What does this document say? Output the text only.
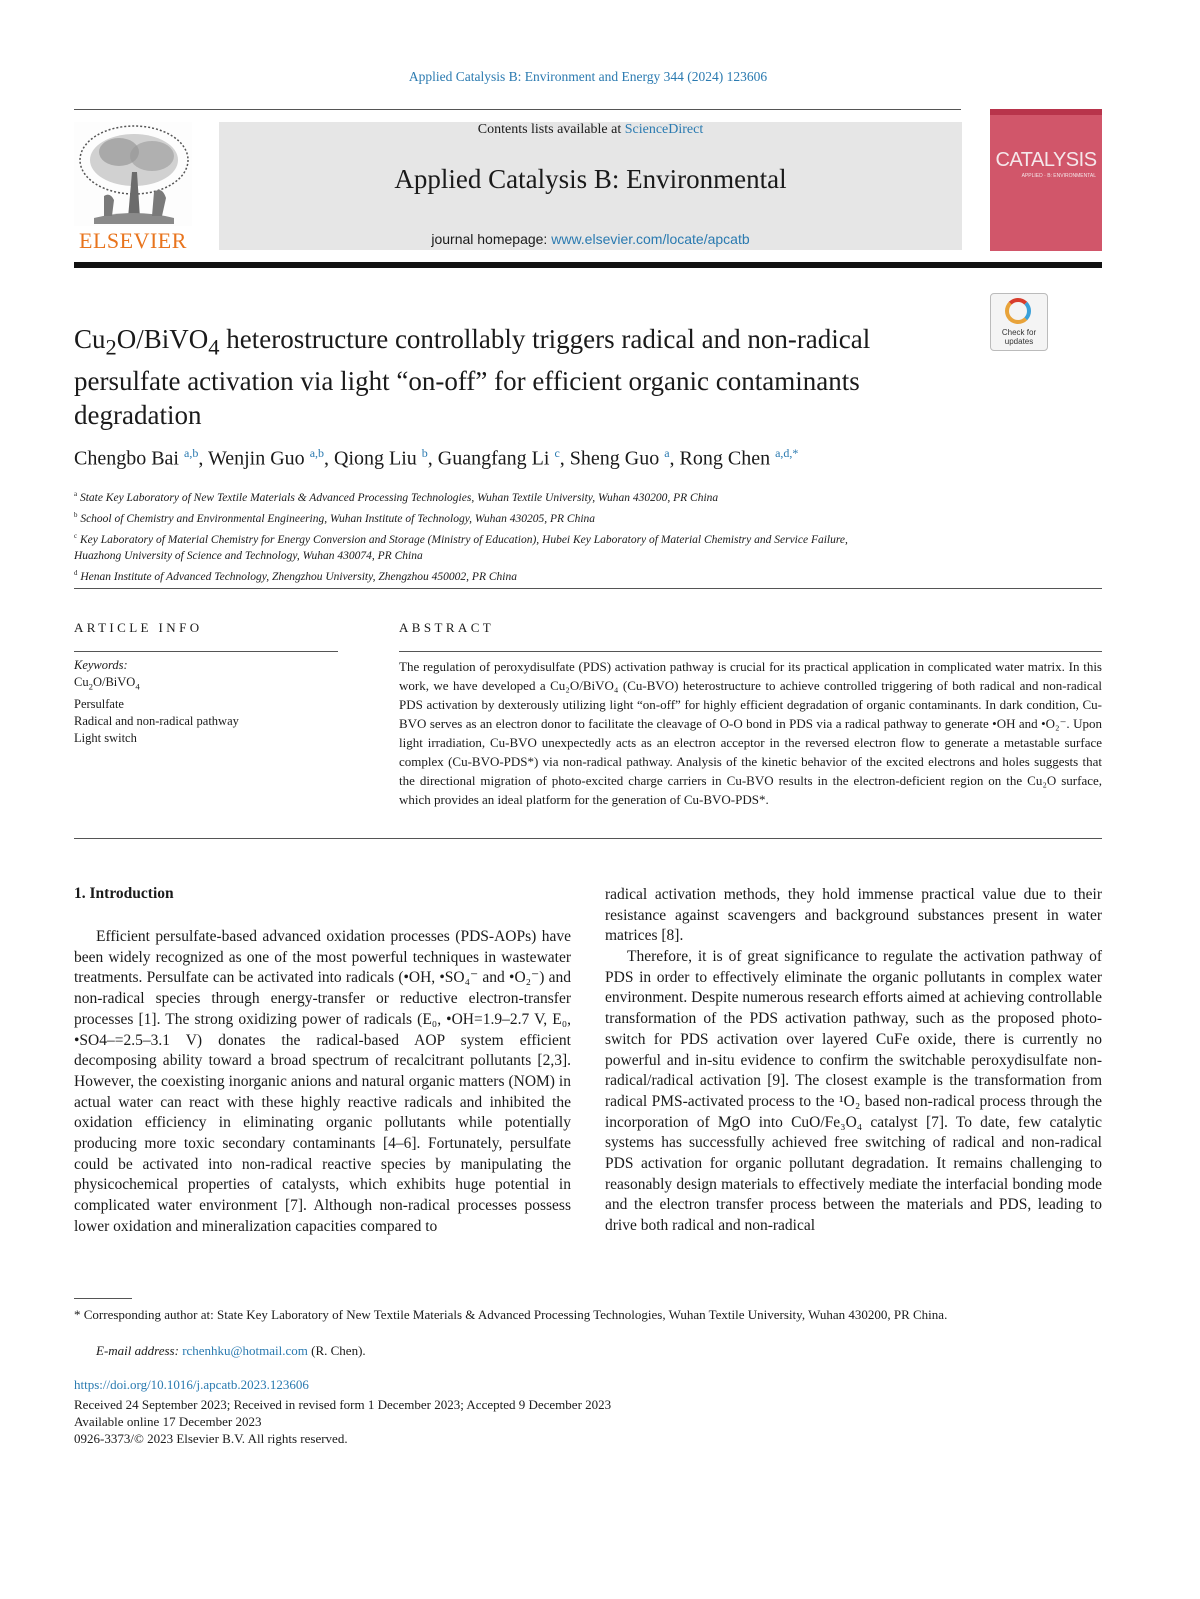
Applied Catalysis B: Environment and Energy 344 (2024) 123606
ELSEVIER
Contents lists available at ScienceDirect
Applied Catalysis B: Environmental
journal homepage: www.elsevier.com/locate/apcatb
APPLIED · B: ENVIRONMENTAL
CATALYSIS
$Cu_2O/BiVO_4$ heterostructure controllably triggers radical and non-radical persulfate activation via light “on-off” for efficient organic contaminants degradation
Check for updates
Chengbo Bai $^{a,b}$, Wenjin Guo $^{a,b}$, Qiong Liu $^b$, Guangfang Li $^c$, Sheng Guo $^a$, Rong Chen $^{a,d,*}$
$^a$ State Key Laboratory of New Textile Materials & Advanced Processing Technologies, Wuhan Textile University, Wuhan 430200, PR China
$^b$ School of Chemistry and Environmental Engineering, Wuhan Institute of Technology, Wuhan 430205, PR China
$^c$ Key Laboratory of Material Chemistry for Energy Conversion and Storage (Ministry of Education), Hubei Key Laboratory of Material Chemistry and Service Failure,
Huazhong University of Science and Technology, Wuhan 430074, PR China
$^d$ Henan Institute of Advanced Technology, Zhengzhou University, Zhengzhou 450002, PR China
ARTICLE INFO	ABSTRACT
Keywords:
$Cu_2O/BiVO_4$
Persulfate
Radical and non-radical pathway
Light switch

The regulation of peroxydisulfate (PDS) activation pathway is crucial for its practical application in complicated water matrix. In this work, we have developed a Cu₂O/BiVO₄ (Cu-BVO) heterostructure to achieve controlled triggering of both radical and non-radical PDS activation by dexterously utilizing light “on-off” for highly efficient degradation of organic contaminants. In dark condition, Cu-BVO serves as an electron donor to facilitate the cleavage of O-O bond in PDS via a radical pathway to generate •OH and •O₂⁻. Upon light irradiation, Cu-BVO unexpectedly acts as an electron acceptor in the reversed electron flow to generate a metastable surface complex (Cu-BVO-PDS*) via non-radical pathway. Analysis of the kinetic behavior of the excited electrons and holes suggests that the directional migration of photo-excited charge carriers in Cu-BVO results in the electron-deficient region on the Cu₂O surface, which provides an ideal platform for the generation of Cu-BVO-PDS*.

1. Introduction

Efficient persulfate-based advanced oxidation processes (PDS-AOPs) have been widely recognized as one of the most powerful techniques in wastewater treatments. Persulfate can be activated into radicals (•OH, •SO₄⁻ and •O₂⁻) and non-radical species through energy-transfer or reductive electron-transfer processes [1]. The strong oxidizing power of radicals (E₀, •OH=1.9–2.7 V, E₀, •SO4–=2.5–3.1 V) donates the radical-based AOP system efficient decomposing ability toward a broad spectrum of recalcitrant pollutants [2,3]. However, the coexisting inorganic anions and natural organic matters (NOM) in actual water can react with these highly reactive radicals and inhibited the oxidation efficiency in eliminating organic pollutants while potentially producing more toxic secondary contaminants [4–6]. Fortunately, persulfate could be activated into non-radical reactive species by manipulating the physicochemical properties of catalysts, which exhibits huge potential in complicated water environment [7]. Although non-radical processes possess lower oxidation and mineralization capacities compared to

radical activation methods, they hold immense practical value due to their resistance against scavengers and background substances present in water matrices [8].

Therefore, it is of great significance to regulate the activation pathway of PDS in order to effectively eliminate the organic pollutants in complex water environment. Despite numerous research efforts aimed at achieving controllable transformation of the PDS activation pathway, such as the proposed photo-switch for PDS activation over layered CuFe oxide, there is currently no powerful and in-situ evidence to confirm the switchable peroxydisulfate non-radical/radical activation [9]. The closest example is the transformation from radical PMS-activated process to the ¹O₂ based non-radical process through the incorporation of MgO into CuO/Fe₃O₄ catalyst [7]. To date, few catalytic systems has successfully achieved free switching of radical and non-radical PDS activation for organic pollutant degradation. It remains challenging to reasonably design materials to effectively mediate the interfacial bonding mode and the electron transfer process between the materials and PDS, leading to drive both radical and non-radical

* Corresponding author at: State Key Laboratory of New Textile Materials & Advanced Processing Technologies, Wuhan Textile University, Wuhan 430200, PR China.
E-mail address: rchenhku@hotmail.com (R. Chen).
https://doi.org/10.1016/j.apcatb.2023.123606
Received 24 September 2023; Received in revised form 1 December 2023; Accepted 9 December 2023
Available online 17 December 2023
0926-3373/© 2023 Elsevier B.V. All rights reserved.
